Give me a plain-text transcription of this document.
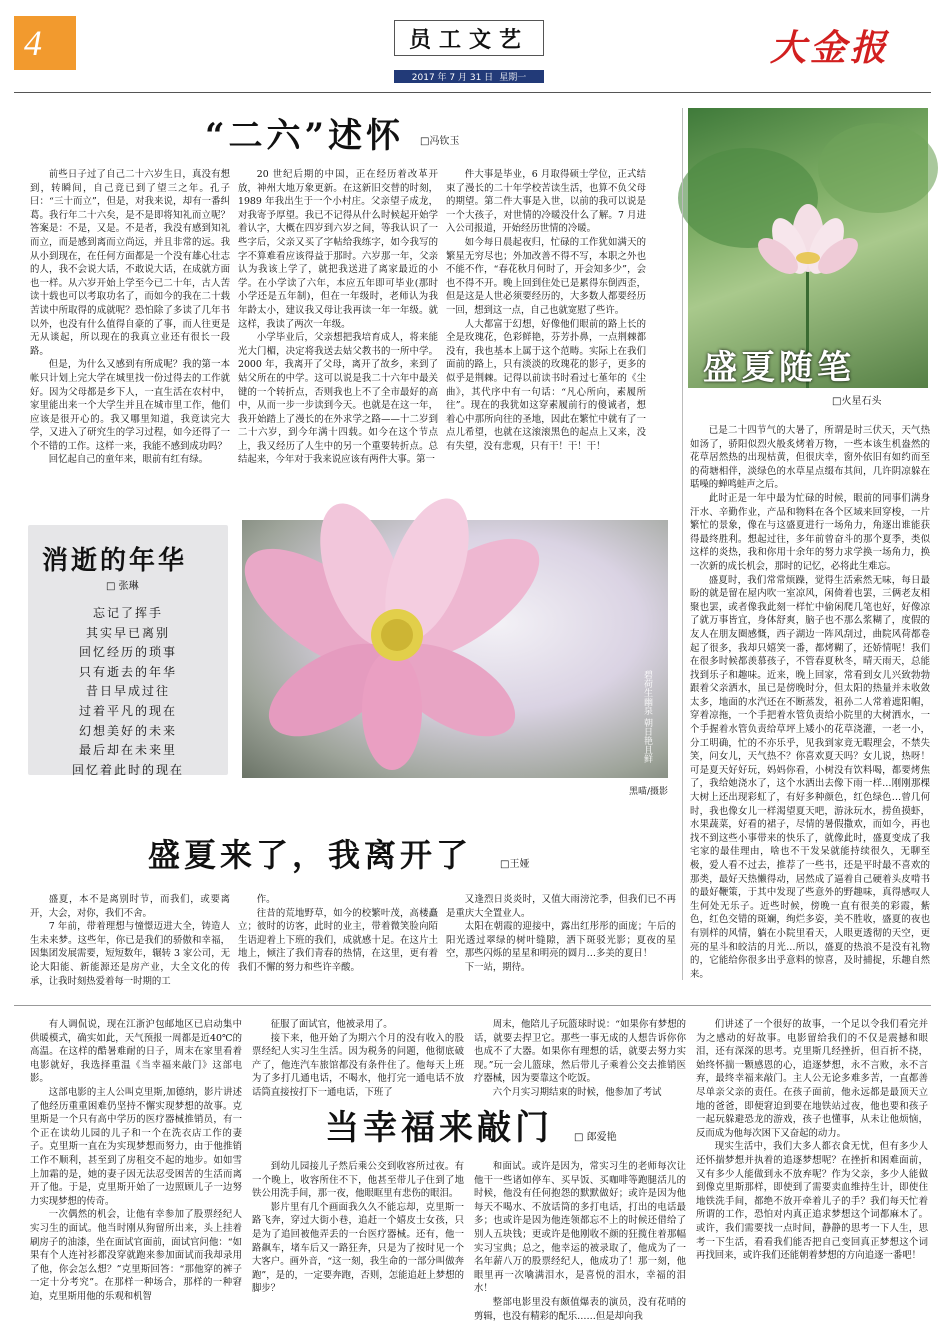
4	员工文艺
2017 年 7 月 31 日 星期一
大金报
“二六”述怀 □冯钦玉

前些日子过了自己二十六岁生日，真没有想到，转瞬间，自己竟已到了望三之年。孔子曰：“三十而立”，但是，对我来说，却有一番纠葛。我行年二十六矣，是不是即将知礼而立呢？答案是：不是，又是。不是者，我没有感到知礼而立，而是感到离而立尚远，并且非常的远。我从小到现在，在任何方面都是一个没有雄心壮志的人，我不会说大话，不敢说大话，在成就方面也一样。从六岁开始上学至今已二十年，古人苦读十载也可以考取功名了，而如今的我在二十载苦读中所取得的成就呢？恐怕除了多读了几年书以外，也没有什么值得自豪的了事，而人往更是无从谈起，所以现在的我真立业还有很长一段路。

但是，为什么又感到有所成呢？我的第一本帐只计划上完大学在城里找一份过得去的工作就好。因为父母都是乡下人，一直生活在农村中，家里能出来一个大学生并且在城市里工作，他们应该是很开心的。我又哪里知道，我竟读完大学，又进入了研究生的学习过程，如今还得了一个不错的工作。这样一来，我能不感到成功吗？

回忆起自己的童年来，眼前有红有绿。

20 世纪后期的中国，正在经历着改革开放，神州大地万象更新。在这新旧交替的时刻，1989 年我出生于一个小村庄。父亲望子成龙，对我寄予厚望。我已不记得从什么时候起开始学着认字，大概在四岁到六岁之间，等我认识了一些字后，父亲又买了字帖给我练字，如今我写的字不算难看应该得益于那时。六岁那一年，父亲认为我该上学了，就把我送进了离家最近的小学。在小学读了六年，本应五年即可毕业(那时小学还是五年制)，但在一年级时，老师认为我年龄太小，建议我又母让我再读一年一年级。就这样，我读了两次一年级。

小学毕业后，父亲想把我培育成人，将来能光大门楣，决定将我送去姑父教书的一所中学。2000 年，我离开了父母，离开了故乡，来到了姑父所在的中学。这可以说是我二十六年中最关键的一个转折点，否则我也上不了全市最好的高中，从而一步一步读到今天。也就是在这一年，我开始踏上了漫长的在外求学之路——十二岁到二十六岁，到今年满十四载。如今在这个节点上，我又经历了人生中的另一个重要转折点。总结起来，今年对于我来说应该有两件大事。第一

件大事是毕业，6 月取得硕士学位，正式结束了漫长的二十年学校苦读生活，也算不负父母的期望。第二件大事是入世，以前的我可以说是一个大孩子，对世情的冷暖没什么了解。7 月进入公司报道，开始经历世情的冷暖。

如今每日晨起夜归，忙碌的工作犹如满天的繁星无穷尽也；外加改善不得不写，本职之外也不能不作，“春花秋月何时了，开会知多少”，会也不得不开。晚上回到住处已是累得东倒西歪，但是这是人世必须要经历的，大多数人都要经历一回，想到这一点，自己也就宽慰了些许。

人大都富于幻想，好像他们眼前的路上长的全是玫瑰花，色彩鲜艳，芬芳扑鼻，一点荆棘都没有，我也基本上属于这个范畴。实际上在我们面前的路上，只有淡淡的玫瑰花的影子，更多的似乎是荆棘。记得以前读书时看过七堇年的《尘曲》，其代序中有一句话：“凡心所向，素履所往”。现在的我犹如这穿素履前行的傻诚者，想着心中那所向往的圣地，因此在繁忙中就有了一点儿希望，也就在这滚滚黑色的起点上又来，没有失望，没有悲观，只有干！干！干！

盛夏随笔
□火星石头

已是二十四节气的大暑了，所谓是时三伏天，天气热如汤了，骄阳似烈火般炙烤着万物，一些本该生机盎然的花草居然热的出现枯黄，但很庆幸，窗外依旧有如约而至的荷塘相伴，淡绿色的水草星点缀布其间，几许阴凉躲在聒噪的蝉鸣蛙声之后。

此时正是一年中最为忙碌的时候，眼前的同事们满身汗水、辛勤作业，产品和物料在各个区域来回穿梭，一片繁忙的景象，像在与这盛夏进行一场角力，角逐出谁能获得最终胜利。想起过往，多年前曾奋斗的那个夏季，类似这样的炎热，我和你用十余年的努力求学换一场角力，换一次新的成长机会，那时的记忆，必将此生难忘。

盛夏时，我们常常烦躁，觉得生活索然无味，每日最盼的就是留在屋内吹一室凉风，闲倚着也罢，三俩老友相聚也罢，或者像我此刻一样忙中偷闲爬几笔也好，好像凉了就万事皆宜，身体舒爽，脑子也不那么浆糊了，度假的友人在朋友圈感慨，西子湖边一阵风刮过，曲院风荷都卷起了很多，我却只嬉笑一番，都烤糊了，还娇情呢！我们在很多时候都羡慕孩子，不管春夏秋冬，晴天雨天，总能找到乐子和趣味。近来，晚上回家，常看到女儿兴致勃勃跟着父亲洒水，虽已是傍晚时分，但太阳的热量并未收敛太多，地面的水汽还在不断蒸发，祖孙二人常着遮阳帽，穿着凉拖，一个手把着水管负责给小院里的大树洒水，一个手握着水管负责给草坪上矮小的花草浇灌，一老一小，分工明确，忙的不亦乐乎，见我到家竟无暇理会，不禁失笑，问女儿，天气热不？你喜欢夏天吗？女儿说，热呀！可是夏天好好玩，妈妈你看，小树没有饮料喝，都要烤焦了，我给她浇水了，这个水洒出去像下雨一样…刚刚那棵大树上还出现彩虹了，有好多种颜色，红色绿色…曾几何时，我也像女儿一样渴望夏天吧，游泳玩水，捞鱼摸虾，水果蔬菜，好看的裙子，尽情的暑假撒欢，而如今，再也找不到这些小事带来的快乐了，就像此时，盛夏变成了我宅家的最佳理由，啥也不干发呆就能持续很久，无聊至极，爱人看不过去，推荐了一些书，还是平时最不喜欢的那类，最好天热懒得动，居然成了逼着自己硬着头皮啃书的最好鞭策，于其中发现了些意外的野趣味，真得感叹人生何处无乐子。近些时候，傍晚一直有很美的彩霞，紫色，红色交错的斑斓，绚烂多姿，美不胜收，盛夏的夜也有别样的风情，躺在小院里看天，人眼更透彻的天空，更亮的星斗和皎洁的月光…所以，盛夏的热浪不是没有礼物的，它能给你很多出乎意料的惊喜，及时捕捉，乐趣自然来。

消逝的年华
□ 张琳
忘记了挥手
其实早已离别
回忆经历的琐事
只有逝去的年华
昔日早成过往
过着平凡的现在
幻想美好的未来
最后却在未来里
回忆着此时的现在
碧荷生幽泉 朝日艳且鲜
黑喵/摄影
盛夏来了，我离开了	□王娅

盛夏，本不是离别时节，而我们，或要离开，大会，对你，我们不舍。

7 年前，带着理想与憧憬迈进大全，铸造人生未来梦。这些年，你已是我们的骄傲和幸福，因集团发展需要，短短数年，辗转 3 家公司，无论大阳能、新能源还是房产业，大全文化的传承，让我时刻热爱着每一时期的工

作。

往昔的荒地野草，如今的校繁叶茂，高楼矗立；彼时的访客，此时的业主，带着微笑脸向陌生语迎着上下班的我们，成就感十足。在这片土地上，倾注了我们青春的热情，在这里，更有着我们不懈的努力和些许辛酸。

又逢烈日炎炎时，又值大雨滂沱季，但我们已不再是重庆大全置业人。

太阳在朝霞的迎接中，露出红彤彤的面庞；午后的阳光透过翠绿的树叶缝隙，洒下斑驳光影；夏夜的星空，那些闪烁的星星和明亮的圆月…多美的夏日！

下一站，期待。

有人调侃说，现在江浙沪包邮地区已启动集中供暖模式，确实如此，天气预报一周都是近40℃的高温。在这样的酷暑难耐的日子，周末在家里看着电影就好，我选择重温《当幸福来敲门》这部电影。

这部电影的主人公叫克里斯,加德纳，影片讲述了他经历重重困难仍坚持不懈实现梦想的故事。克里斯是一个只有高中学历的医疗器械推销员，有一个正在读幼儿园的儿子和一个在洗衣店工作的妻子。克里斯一直在为实现梦想而努力，由于他推销工作不顺利，甚至到了房租交不起的地步。如如雪上加霜的是，她的妻子因无法忍受困苦的生活而离开了他。于是，克里斯开始了一边照顾儿子一边努力实现梦想的传奇。

一次偶然的机会，让他有幸参加了股票经纪人实习生的面试。他当时刚从狗留所出来，头上挂着刷房子的油漆，坐在面试官面前，面试官问他：“如果有个人连衬衫都没穿就跑来参加面试而我却录用了他，你会怎么想？”克里斯回答：“那他穿的裤子一定十分考究”。在那样一种场合，那样的一种窘迫，克里斯用他的乐观和机智

征服了面试官，他被录用了。

接下来，他开始了为期六个月的没有收入的股票经纪人实习生生活。因为税务的问题，他彻底破产了，他连汽车旅馆都没有条件住了。他每天上班为了多打几通电话，不喝水，他打完一通电话不放话筒直接按打下一通电话，下班了

周末，他陪儿子玩篮球时说：“如果你有梦想的话，就要去捍卫它。那些一事无成的人想告诉你你也成不了大器。如果你有理想的话，就要去努力实现。”玩一会儿篮球，然后带儿子乘着公交去推销医疗器械，因为要靠这个吃饭。

六个月实习期结束的时候，他参加了考试

当幸福来敲门 □ 郎爱艳

到幼儿园接儿子然后乘公交到收容所过夜。有一个晚上，收容所住不下，他甚至带儿子住到了地铁公用洗手间，那一夜，他眼眶里有悲伤的眼泪。

影片里有几个画面我久久不能忘却，克里斯一路飞奔，穿过大街小巷，追赶一个嬉皮士女孩，只是为了追回被他弄丢的一台医疗器械。还有，他一路飙车，堵车后又一路狂奔，只是为了按时见一个大客户。画外音，“这一刻，我生命的一部分叫做奔跑”，是的，一定要奔跑，否则，怎能追赶上梦想的脚步？

和面试。或许是因为，常实习生的老师每次让他干一些诸如停车、买早饭、买咖啡等跑腿活儿的时候，他没有任何抱怨的默默做好；或许是因为他每天不喝水、不放话筒的多打电话，打出的电话最多；也或许是因为他连领都忘不上的时候还借给了别人五块钱；更或许是他刚收不颜的狂揽住着那幅实习宝典；总之，他幸运的被录取了，他成为了一名年薪八万的股票经纪人，他成功了！那一刻，他眼里再一次噙满泪水，是喜悦的泪水，幸福的泪水！

整部电影里没有颇值爆表的演员，没有花哨的剪辑，也没有精彩的配乐……但是却向我

们讲述了一个很好的故事，一个足以令我们看完并为之感动的好故事。电影留给我们的不仅是震撼和眼泪，还有深深的思考。克里斯几经挫折，但百折不挠，始终怀揣一颗感恩的心，追逐梦想，永不言败，永不言弃，最终幸福来敲门。主人公无论多难多苦，一直都善尽单亲父亲的责任。在孩子面前，他永远都是最顶天立地的爸爸，即便窘迫到要在地铁站过夜，他也要和孩子一起玩躲避恐龙的游戏，孩子也懂事，从未让他烦恼，反而成为他每次困下又奋起的动力。

现实生活中，我们大多人都衣食无忧，但有多少人还怀揣梦想并执着的追逐梦想呢？在挫折和困难面前，又有多少人能做到永不放弃呢？作为父亲，多少人能做到像克里斯那样，即使到了需要卖血维持生计，即使住地铁洗手间，都绝不放开牵着儿子的手？我们每天忙着所谓的工作，恐怕对内真正追求梦想这个词都麻木了。或许，我们需要找一点时间，静静的思考一下人生，思考一下生活，看看我们能否把自己变回真正梦想这个词再找回来，或许我们还能朝着梦想的方向追逐一番吧！
